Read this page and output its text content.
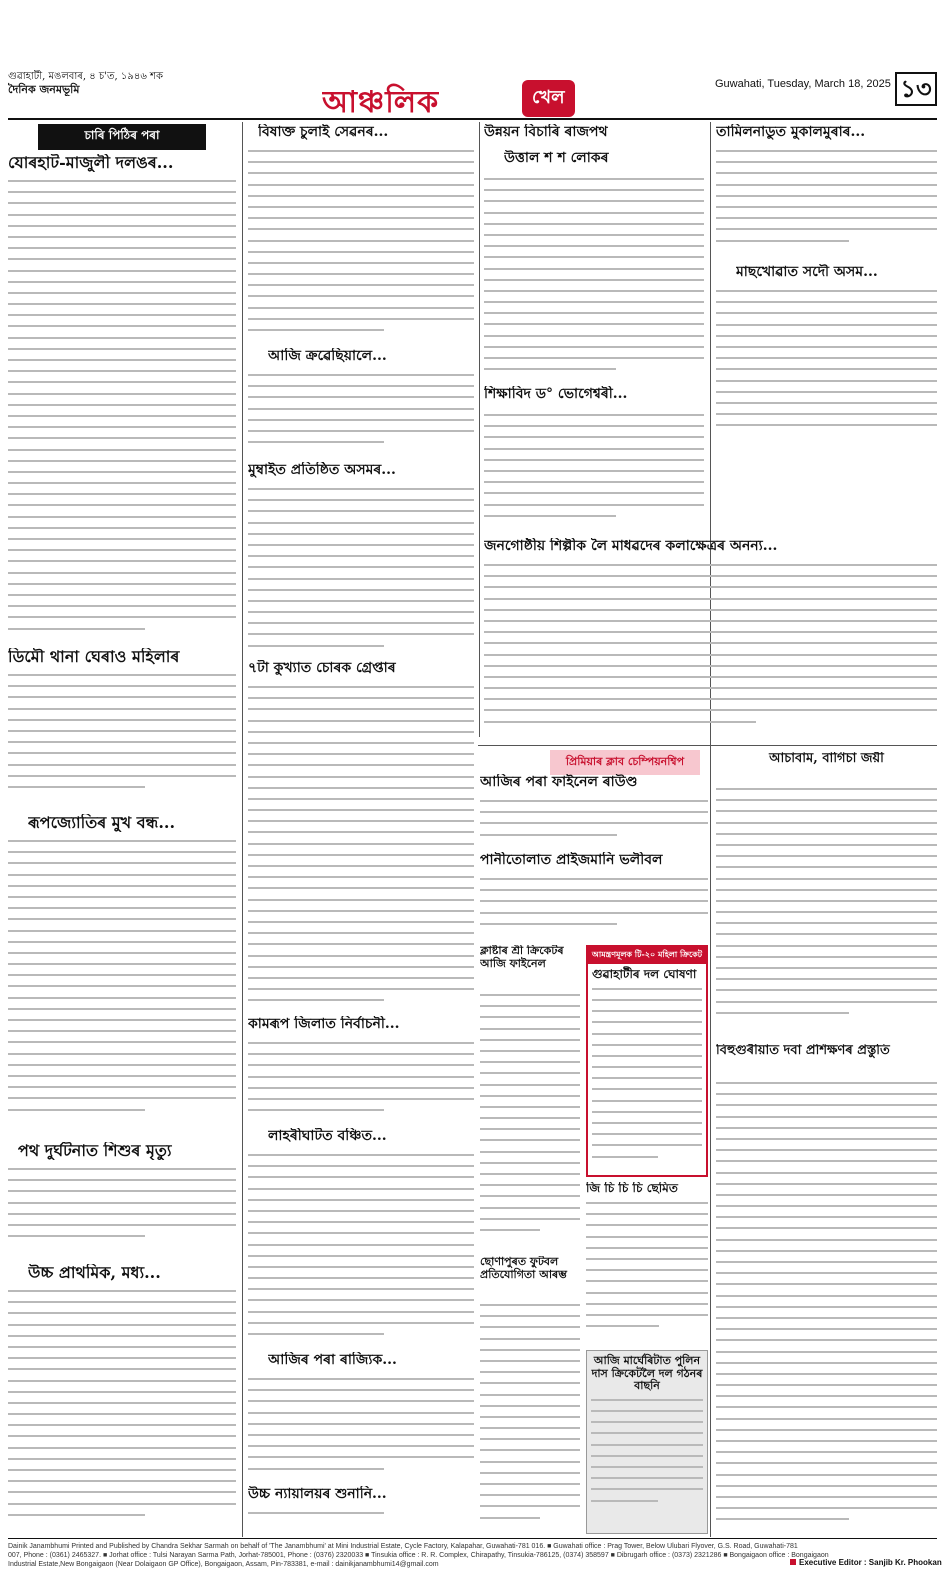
গুৱাহাটী, মঙলবাৰ, ৪ চ'ত, ১৯৪৬ শক
দৈনিক জনমভূমি	আঞ্চলিক	খেল
Guwahati, Tuesday, March 18, 2025 ১৩
চাৰি পিঠিৰ পৰা
যোৰহাট-মাজুলী দলঙৰ...
ডিমৌ থানা ঘেৰাও মহিলাৰ
ৰূপজ্যোতিৰ মুখ বন্ধ...
পথ দুৰ্ঘটনাত শিশুৰ মৃত্যু
উচ্চ প্ৰাথমিক, মধ্য...
বিষাক্ত চুলাই সেৱনৰ...
আজি ক্ৰৱেছিয়ালে...
মুম্বাইত প্ৰতিষ্ঠিত অসমৰ...
৭টা কুখ্যাত চোৰক গ্ৰেপ্তাৰ
কামৰূপ জিলাত নিৰ্বাচনী...
লাহৰীঘাটত বঞ্চিত...
আজিৰ পৰা ৰাজ্যিক...
উচ্চ ন্যায়ালয়ৰ শুনানি...
উন্নয়ন বিচাৰি ৰাজপথ
উত্তাল শ শ লোকৰ
শিক্ষাবিদ ড° ভোগেশ্বৰী...
তামিলনাডুত মুকালমুৰাৰ...
মাছখোৱাত সদৌ অসম...
জনগোষ্ঠীয় শিল্পীক লৈ মাধৱদেৰ কলাক্ষেত্ৰৰ অনন্য...
প্ৰিমিয়াৰ ক্লাব চেম্পিয়নশ্বিপ
আজিৰ পৰা ফাইনেল ৰাউণ্ড
পানীতোলাত প্ৰাইজমানি ভলীবল
ক্লাষ্টাৰ শ্ৰী ক্ৰিকেটৰ আজি ফাইনেল
আমন্ত্ৰণমূলক টি-২০ মহিলা ক্ৰিকেট
গুৱাহাটীৰ দল ঘোষণা
জি চি চি চি ছেমিত
ছোণাপুৰত ফুটবল প্ৰতিযোগিতা আৰম্ভ
আজি মাৰ্ঘেৰিটাত পুলিন দাস ক্ৰিকেটলৈ দল গঠনৰ বাছনি
আচাবাম, বাগিচা জয়ী
বিহুগুৰীয়াত দবা প্ৰশিক্ষণৰ প্ৰস্তুতি
Dainik Janambhumi Printed and Published by Chandra Sekhar Sarmah on behalf of 'The Janambhumi' at Mini Industrial Estate, Cycle Factory, Kalapahar, Guwahati-781 016. ■ Guwahati office : Prag Tower, Below Ulubari Flyover, G.S. Road, Guwahati-781
007, Phone : (0361) 2465327. ■ Jorhat office : Tulsi Narayan Sarma Path, Jorhat-785001, Phone : (0376) 2320033 ■ Tinsukia office : R. R. Complex, Chirapathy, Tinsukia-786125, (0374) 358597 ■ Dibrugarh office : (0373) 2321286 ■ Bongaigaon office : Bongaigaon
Industrial Estate,New Bongaigaon (Near Dolaigaon GP Office), Bongaigaon, Assam, Pin-783381, e-mail : dainikjanambhumi14@gmail.com	Executive Editor : Sanjib Kr. Phookan
